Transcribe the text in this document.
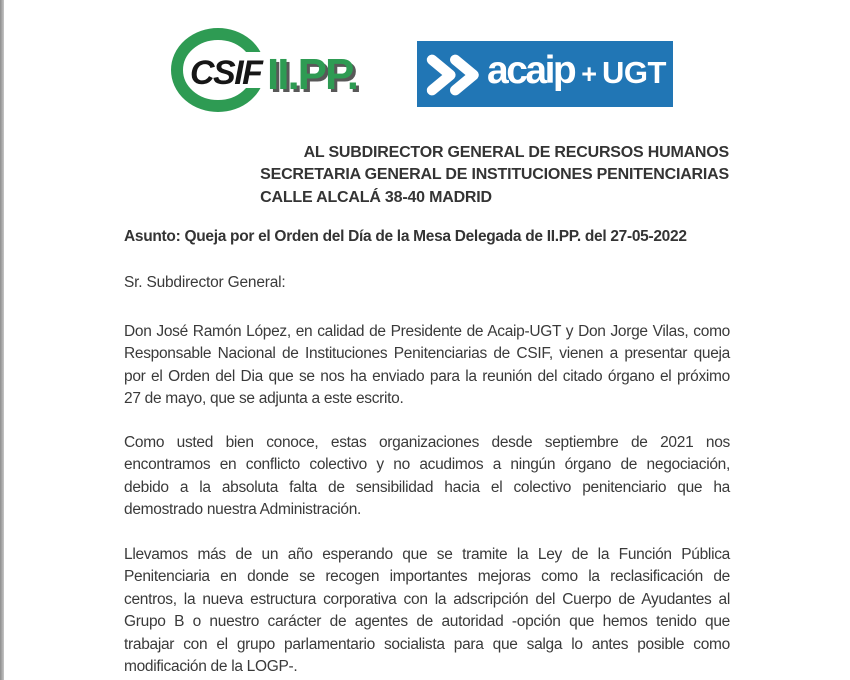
CSIF II.PP.	acaip + UGT
AL SUBDIRECTOR GENERAL DE RECURSOS HUMANOS
SECRETARIA GENERAL DE INSTITUCIONES PENITENCIARIAS
CALLE ALCALÁ 38-40 MADRID
Asunto: Queja por el Orden del Día de la Mesa Delegada de II.PP. del 27-05-2022
Sr. Subdirector General:
Don José Ramón López, en calidad de Presidente de Acaip-UGT y Don Jorge Vilas, como
Responsable Nacional de Instituciones Penitenciarias de CSIF, vienen a presentar queja
por el Orden del Dia que se nos ha enviado para la reunión del citado órgano el próximo
27 de mayo, que se adjunta a este escrito.
Como usted bien conoce, estas organizaciones desde septiembre de 2021 nos
encontramos en conflicto colectivo y no acudimos a ningún órgano de negociación,
debido a la absoluta falta de sensibilidad hacia el colectivo penitenciario que ha
demostrado nuestra Administración.
Llevamos más de un año esperando que se tramite la Ley de la Función Pública
Penitenciaria en donde se recogen importantes mejoras como la reclasificación de
centros, la nueva estructura corporativa con la adscripción del Cuerpo de Ayudantes al
Grupo B o nuestro carácter de agentes de autoridad -opción que hemos tenido que
trabajar con el grupo parlamentario socialista para que salga lo antes posible como
modificación de la LOGP-.
